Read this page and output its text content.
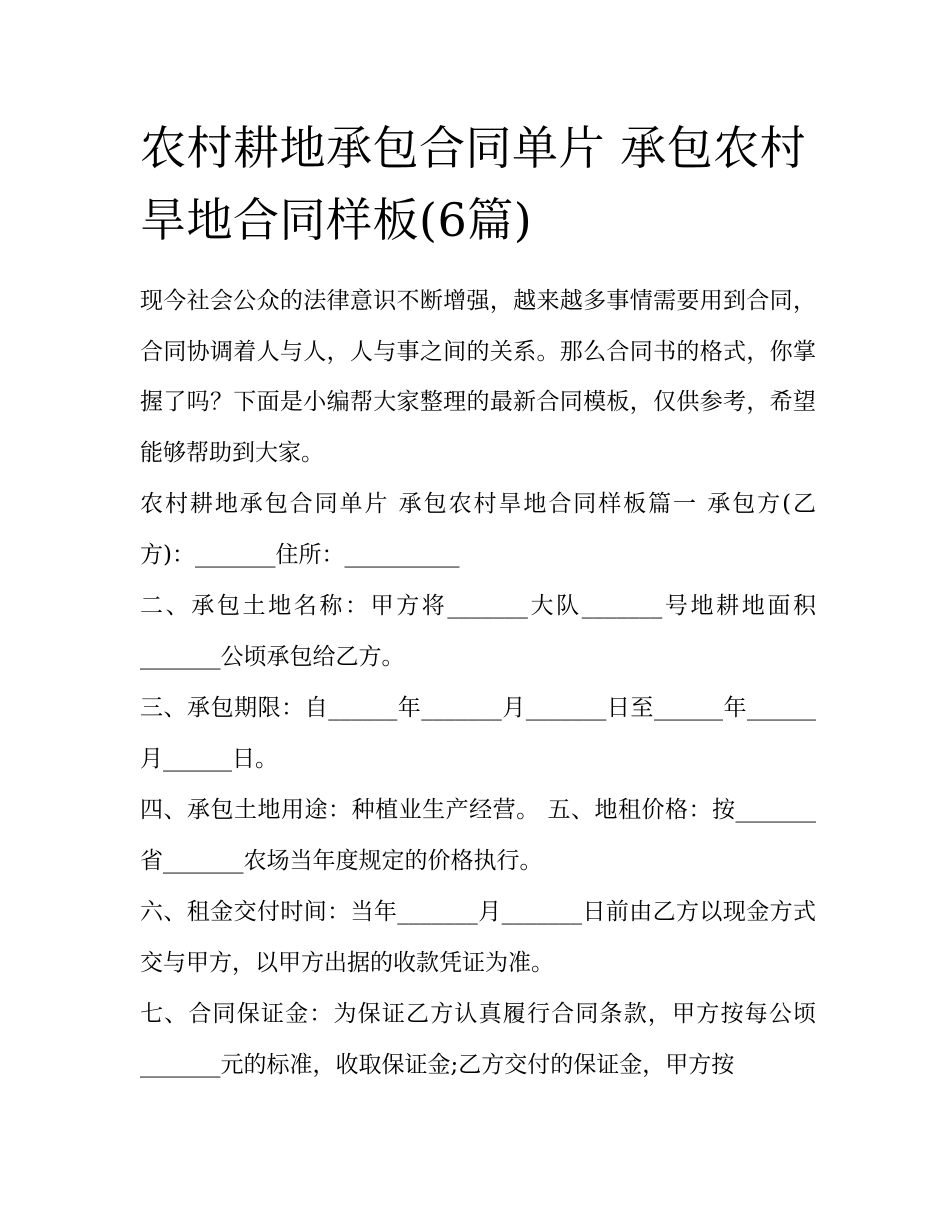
农村耕地承包合同单片 承包农村旱地合同样板(6篇)

现今社会公众的法律意识不断增强，越来越多事情需要用到合同，合同协调着人与人，人与事之间的关系。那么合同书的格式，你掌握了吗？下面是小编帮大家整理的最新合同模板，仅供参考，希望能够帮助到大家。

农村耕地承包合同单片 承包农村旱地合同样板篇一 承包方(乙方)：_______住所：__________

二、承包土地名称：甲方将_______大队_______号地耕地面积_______公顷承包给乙方。

三、承包期限：自______年_______月_______日至______年______月______日。

四、承包土地用途：种植业生产经营。 五、地租价格：按_______省_______农场当年度规定的价格执行。

六、租金交付时间：当年_______月_______日前由乙方以现金方式交与甲方，以甲方出据的收款凭证为准。

七、合同保证金：为保证乙方认真履行合同条款，甲方按每公顷_______元的标准，收取保证金;乙方交付的保证金，甲方按
